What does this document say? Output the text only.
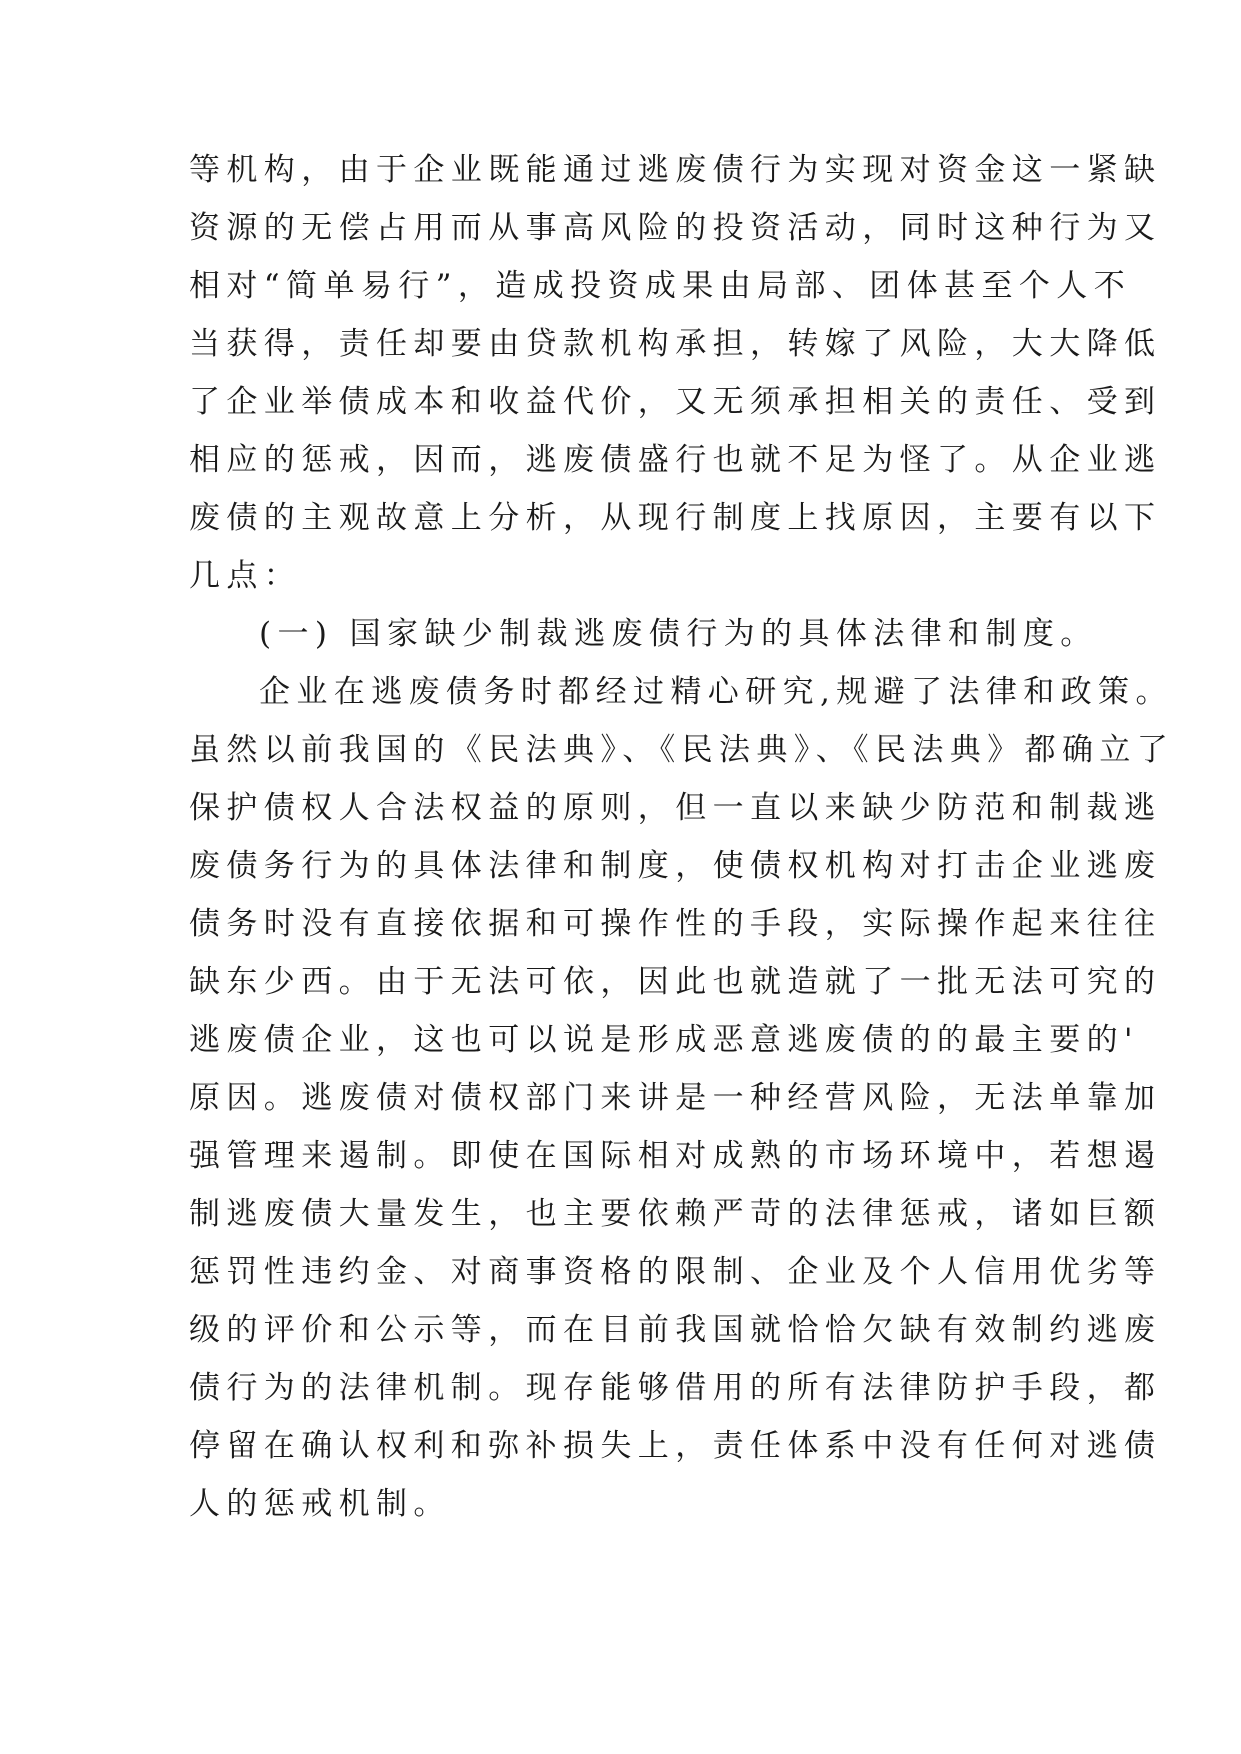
等机构，由于企业既能通过逃废债行为实现对资金这一紧缺
资源的无偿占用而从事高风险的投资活动，同时这种行为又
相对“简单易行”，造成投资成果由局部、团体甚至个人不
当获得，责任却要由贷款机构承担，转嫁了风险，大大降低
了企业举债成本和收益代价，又无须承担相关的责任、受到
相应的惩戒，因而，逃废债盛行也就不足为怪了。从企业逃
废债的主观故意上分析，从现行制度上找原因，主要有以下
几点：
(一) 国家缺少制裁逃废债行为的具体法律和制度。
企业在逃废债务时都经过精心研究,规避了法律和政策。
虽然以前我国的《民法典》、《民法典》、《民法典》都确立了
保护债权人合法权益的原则，但一直以来缺少防范和制裁逃
废债务行为的具体法律和制度，使债权机构对打击企业逃废
债务时没有直接依据和可操作性的手段，实际操作起来往往
缺东少西。由于无法可依，因此也就造就了一批无法可究的
逃废债企业，这也可以说是形成恶意逃废债的的最主要的'
原因。逃废债对债权部门来讲是一种经营风险，无法单靠加
强管理来遏制。即使在国际相对成熟的市场环境中，若想遏
制逃废债大量发生，也主要依赖严苛的法律惩戒，诸如巨额
惩罚性违约金、对商事资格的限制、企业及个人信用优劣等
级的评价和公示等，而在目前我国就恰恰欠缺有效制约逃废
债行为的法律机制。现存能够借用的所有法律防护手段，都
停留在确认权利和弥补损失上，责任体系中没有任何对逃债
人的惩戒机制。
